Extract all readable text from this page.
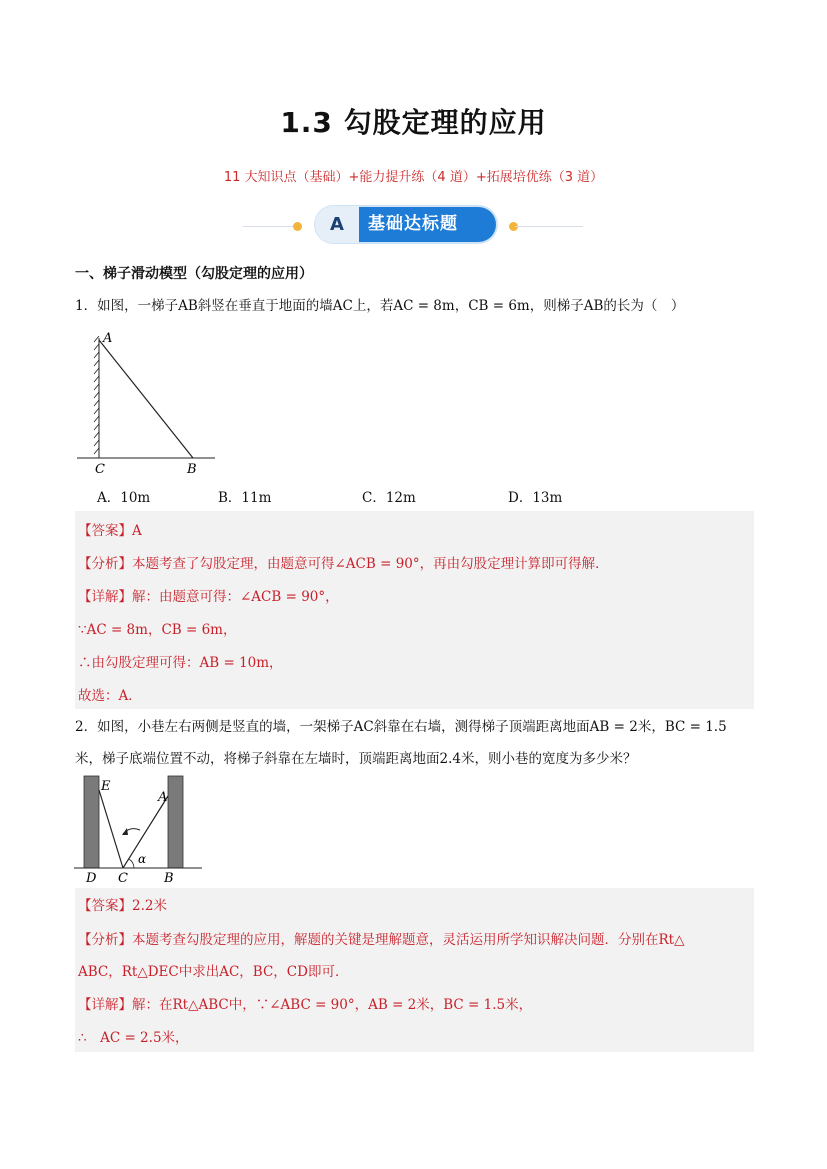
1.3 勾股定理的应用
11 大知识点（基础）+能力提升练（4 道）+拓展培优练（3 道）
A	基础达标题
一、梯子滑动模型（勾股定理的应用）
1．如图，一梯子AB斜竖在垂直于地面的墙AC上，若AC = 8m，CB = 6m，则梯子AB的长为（　）
A
C	B
A．10m	B．11m	C．12m	D．13m
【答案】A
【分析】本题考查了勾股定理，由题意可得∠ACB = 90°，再由勾股定理计算即可得解．
【详解】解：由题意可得：∠ACB = 90°，
∵AC = 8m，CB = 6m，
∴由勾股定理可得：AB = 10m，
故选：A．
2．如图，小巷左右两侧是竖直的墙，一架梯子AC斜靠在右墙，测得梯子顶端距离地面AB = 2米，BC = 1.5
米，梯子底端位置不动，将梯子斜靠在左墙时，顶端距离地面2.4米，则小巷的宽度为多少米？
E
A
α
D C	B
【答案】2.2米
【分析】本题考查勾股定理的应用，解题的关键是理解题意，灵活运用所学知识解决问题．分别在Rt△
ABC，Rt△DEC中求出AC，BC，CD即可．
【详解】解：在Rt△ABC中，∵∠ABC = 90°，AB = 2米，BC = 1.5米，
∴　AC = 2.5米，
